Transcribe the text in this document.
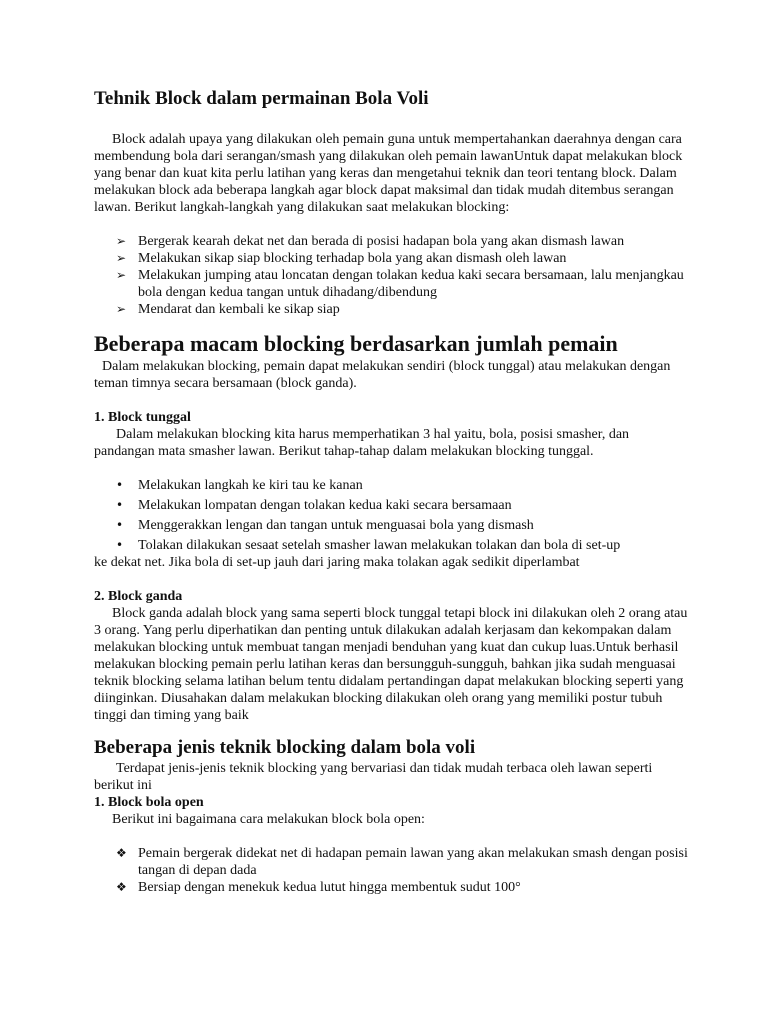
Tehnik Block dalam permainan Bola Voli

Block adalah upaya yang dilakukan oleh pemain guna untuk mempertahankan daerahnya dengan cara membendung bola dari serangan/smash yang dilakukan oleh pemain lawanUntuk dapat melakukan block yang benar dan kuat kita perlu latihan yang keras dan mengetahui teknik dan teori tentang block. Dalam melakukan block ada beberapa langkah agar block dapat maksimal dan tidak mudah ditembus serangan lawan. Berikut langkah-langkah yang dilakukan saat melakukan blocking:

➢ Bergerak kearah dekat net dan berada di posisi hadapan bola yang akan dismash lawan
➢ Melakukan sikap siap blocking terhadap bola yang akan dismash oleh lawan
➢ Melakukan jumping atau loncatan dengan tolakan kedua kaki secara bersamaan, lalu menjangkau bola dengan kedua tangan untuk dihadang/dibendung
➢ Mendarat dan kembali ke sikap siap
Beberapa macam blocking berdasarkan jumlah pemain

Dalam melakukan blocking, pemain dapat melakukan sendiri (block tunggal) atau melakukan dengan teman timnya secara bersamaan (block ganda).

1. Block tunggal

Dalam melakukan blocking kita harus memperhatikan 3 hal yaitu, bola, posisi smasher, dan pandangan mata smasher lawan. Berikut tahap-tahap dalam melakukan blocking tunggal.

•	Melakukan langkah ke kiri tau ke kanan
•	Melakukan lompatan dengan tolakan kedua kaki secara bersamaan
•	Menggerakkan lengan dan tangan untuk menguasai bola yang dismash
•	Tolakan dilakukan sesaat setelah smasher lawan melakukan tolakan dan bola di set-up

ke dekat net. Jika bola di set-up jauh dari jaring maka tolakan agak sedikit diperlambat

2. Block ganda

Block ganda adalah block yang sama seperti block tunggal tetapi block ini dilakukan oleh 2 orang atau 3 orang. Yang perlu diperhatikan dan penting untuk dilakukan adalah kerjasam dan kekompakan dalam melakukan blocking untuk membuat tangan menjadi benduhan yang kuat dan cukup luas.Untuk berhasil melakukan blocking pemain perlu latihan keras dan bersungguh-sungguh, bahkan jika sudah menguasai teknik blocking selama latihan belum tentu didalam pertandingan dapat melakukan blocking seperti yang diinginkan. Diusahakan dalam melakukan blocking dilakukan oleh orang yang memiliki postur tubuh tinggi dan timing yang baik

Beberapa jenis teknik blocking dalam bola voli

Terdapat jenis-jenis teknik blocking yang bervariasi dan tidak mudah terbaca oleh lawan seperti berikut ini

1. Block bola open

Berikut ini bagaimana cara melakukan block bola open:

❖ Pemain bergerak didekat net di hadapan pemain lawan yang akan melakukan smash dengan posisi tangan di depan dada
❖ Bersiap dengan menekuk kedua lutut hingga membentuk sudut 100°
